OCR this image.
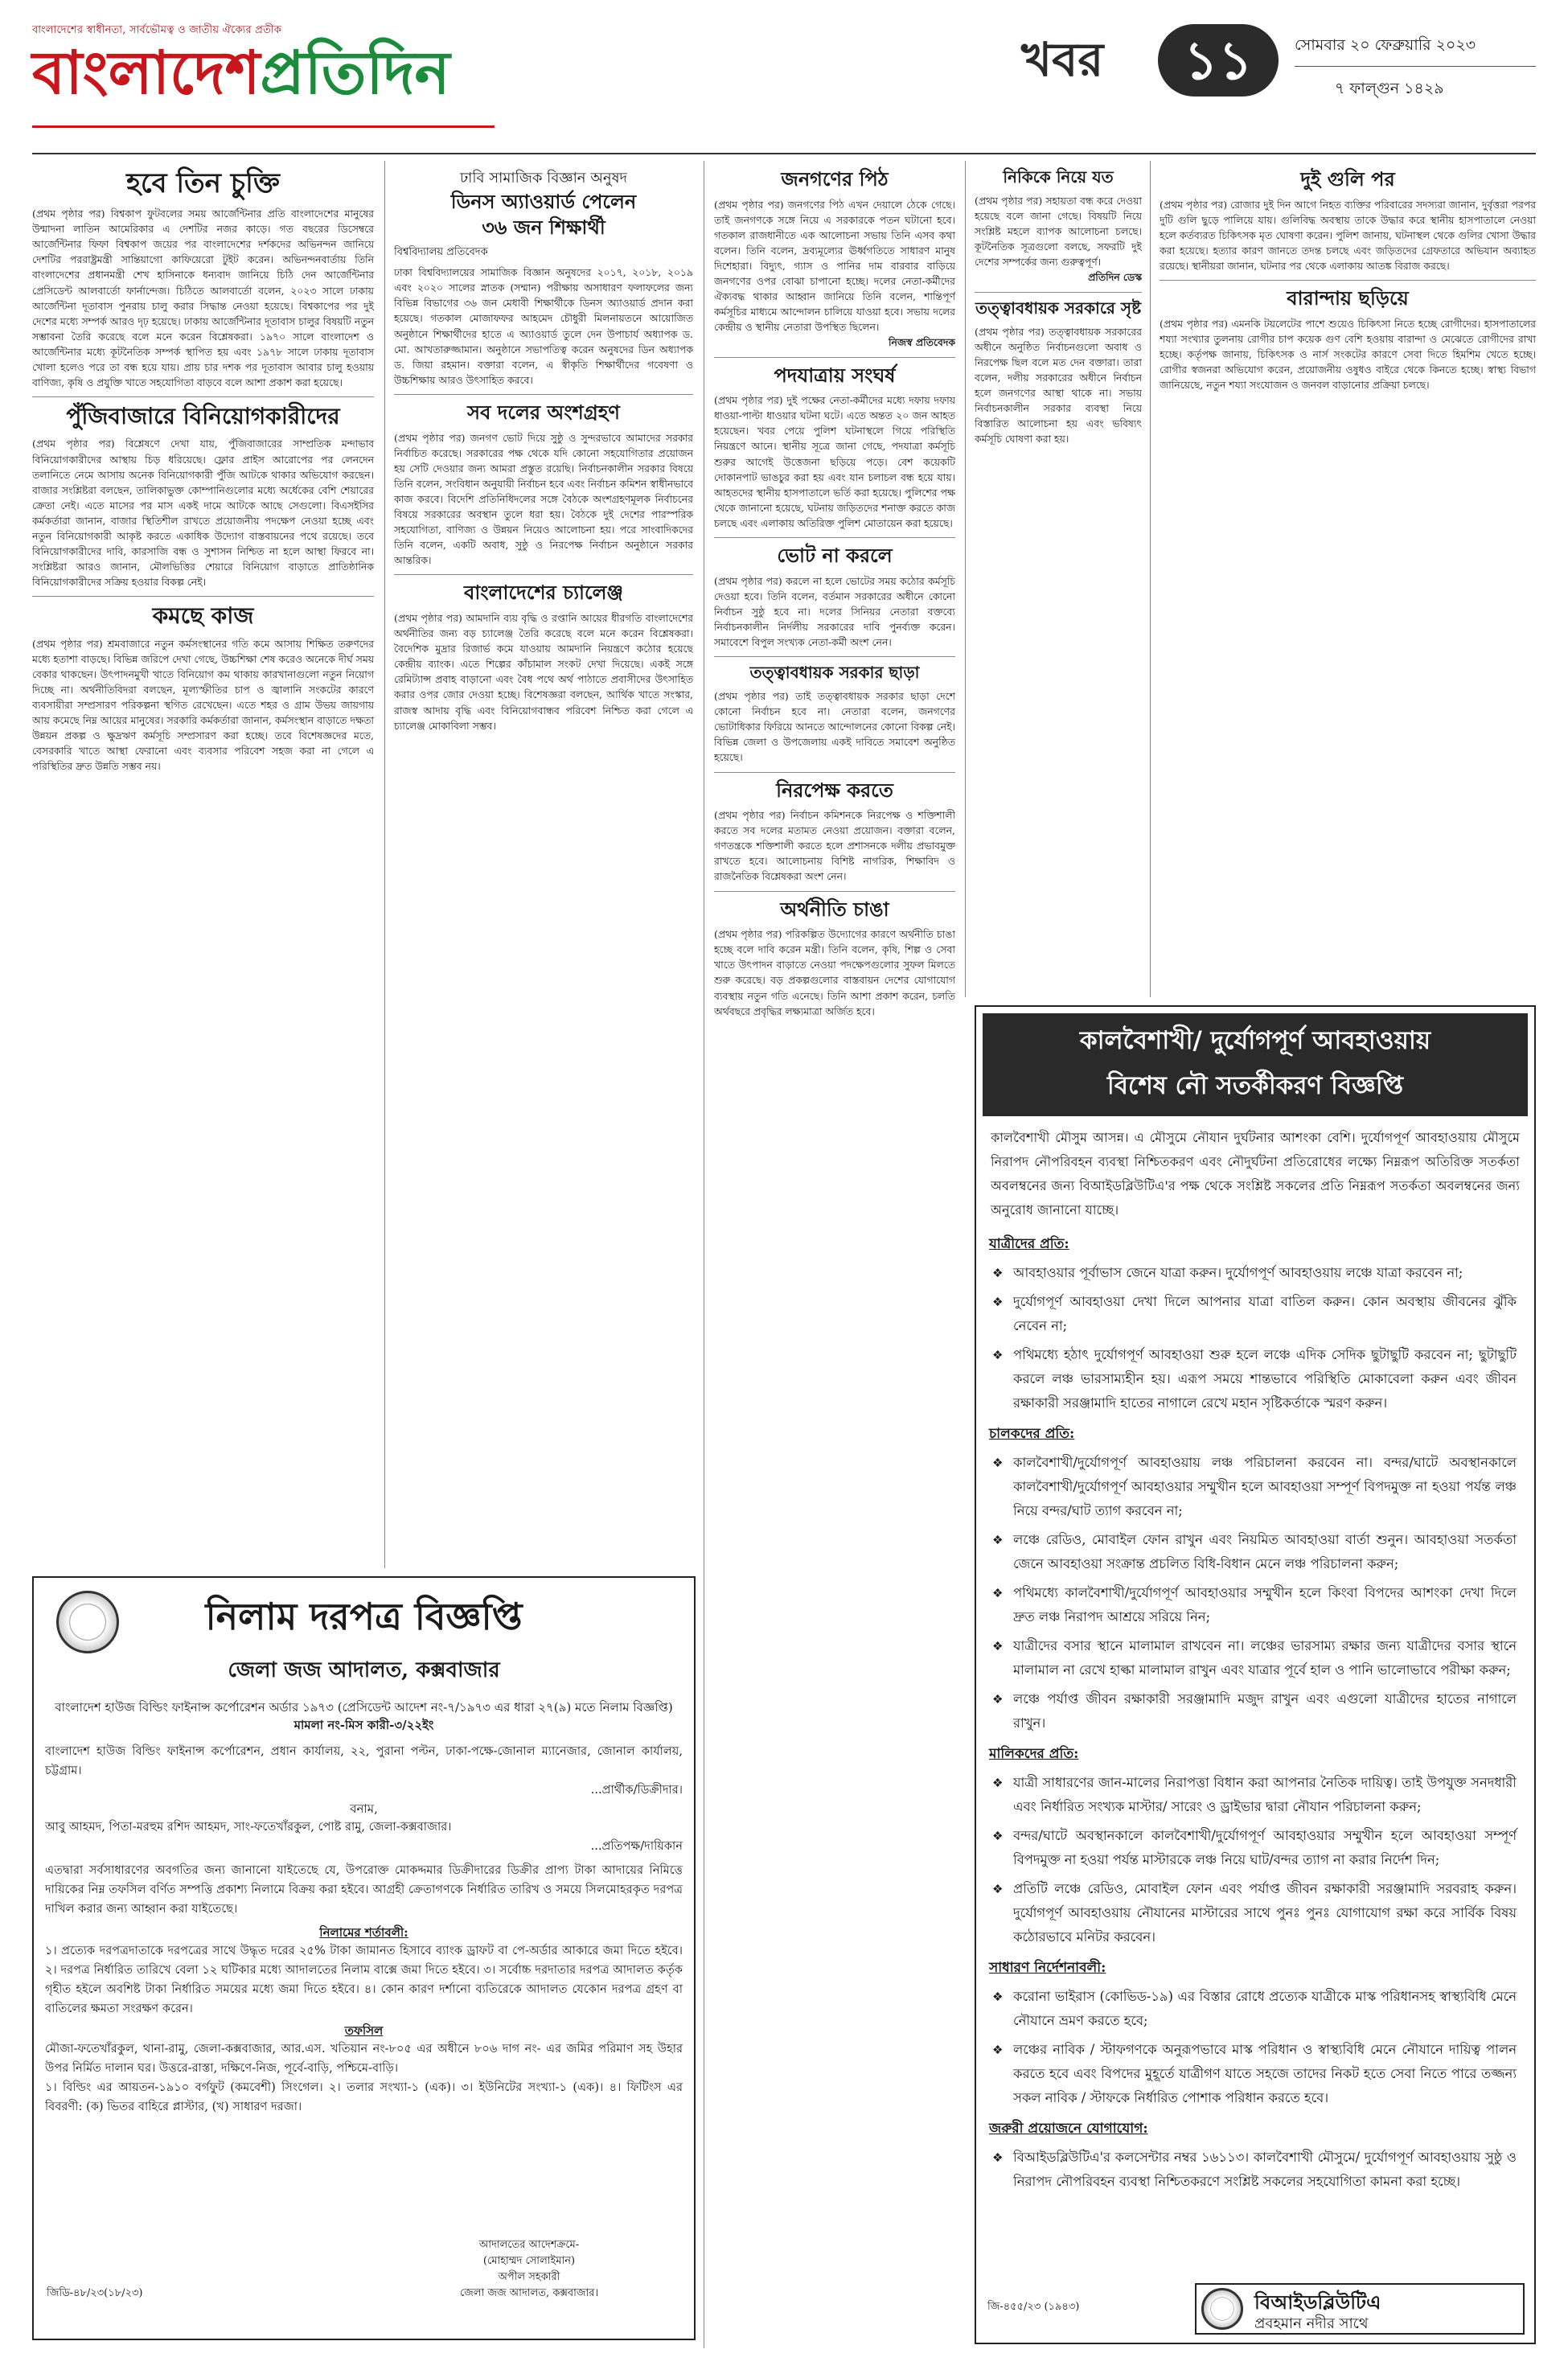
বাংলাদেশের স্বাধীনতা, সার্বভৌমত্ব ও জাতীয় ঐক্যের প্রতীক
বাংলাদেশপ্রতিদিন	খবর	১১	সোমবার ২০ ফেব্রুয়ারি ২০২৩
৭ ফাল্গুন ১৪২৯
হবে তিন চুক্তি

(প্রথম পৃষ্ঠার পর) বিশ্বকাপ ফুটবলের সময় আর্জেন্টিনার প্রতি বাংলাদেশের মানুষের উন্মাদনা লাতিন আমেরিকার এ দেশটির নজর কাড়ে। গত বছরের ডিসেম্বরে আর্জেন্টিনার ফিফা বিশ্বকাপ জয়ের পর বাংলাদেশের দর্শকদের অভিনন্দন জানিয়ে দেশটির পররাষ্ট্রমন্ত্রী সান্তিয়াগো কাফিয়েরো টুইট করেন। অভিনন্দনবার্তায় তিনি বাংলাদেশের প্রধানমন্ত্রী শেখ হাসিনাকে ধন্যবাদ জানিয়ে চিঠি দেন আর্জেন্টিনার প্রেসিডেন্ট আলবার্তো ফার্নান্দেজ। চিঠিতে আলবার্তো বলেন, ২০২৩ সালে ঢাকায় আর্জেন্টিনা দূতাবাস পুনরায় চালু করার সিদ্ধান্ত নেওয়া হয়েছে। বিশ্বকাপের পর দুই দেশের মধ্যে সম্পর্ক আরও দৃঢ় হয়েছে। ঢাকায় আর্জেন্টিনার দূতাবাস চালুর বিষয়টি নতুন সম্ভাবনা তৈরি করেছে বলে মনে করেন বিশ্লেষকরা। ১৯৭০ সালে বাংলাদেশ ও আর্জেন্টিনার মধ্যে কূটনৈতিক সম্পর্ক স্থাপিত হয় এবং ১৯৭৮ সালে ঢাকায় দূতাবাস খোলা হলেও পরে তা বন্ধ হয়ে যায়। প্রায় চার দশক পর দূতাবাস আবার চালু হওয়ায় বাণিজ্য, কৃষি ও প্রযুক্তি খাতে সহযোগিতা বাড়বে বলে আশা প্রকাশ করা হয়েছে।

পুঁজিবাজারে বিনিয়োগকারীদের

(প্রথম পৃষ্ঠার পর) বিশ্লেষণে দেখা যায়, পুঁজিবাজারের সাম্প্রতিক মন্দাভাব বিনিয়োগকারীদের আস্থায় চিড় ধরিয়েছে। ফ্লোর প্রাইস আরোপের পর লেনদেন তলানিতে নেমে আসায় অনেক বিনিয়োগকারী পুঁজি আটকে থাকার অভিযোগ করছেন। বাজার সংশ্লিষ্টরা বলছেন, তালিকাভুক্ত কোম্পানিগুলোর মধ্যে অর্ধেকের বেশি শেয়ারের ক্রেতা নেই। এতে মাসের পর মাস একই দামে আটকে আছে সেগুলো। বিএসইসির কর্মকর্তারা জানান, বাজার স্থিতিশীল রাখতে প্রয়োজনীয় পদক্ষেপ নেওয়া হচ্ছে এবং নতুন বিনিয়োগকারী আকৃষ্ট করতে একাধিক উদ্যোগ বাস্তবায়নের পথে রয়েছে। তবে বিনিয়োগকারীদের দাবি, কারসাজি বন্ধ ও সুশাসন নিশ্চিত না হলে আস্থা ফিরবে না। সংশ্লিষ্টরা আরও জানান, মৌলভিত্তির শেয়ারে বিনিয়োগ বাড়াতে প্রাতিষ্ঠানিক বিনিয়োগকারীদের সক্রিয় হওয়ার বিকল্প নেই।

কমছে কাজ

(প্রথম পৃষ্ঠার পর) শ্রমবাজারে নতুন কর্মসংস্থানের গতি কমে আসায় শিক্ষিত তরুণদের মধ্যে হতাশা বাড়ছে। বিভিন্ন জরিপে দেখা গেছে, উচ্চশিক্ষা শেষ করেও অনেকে দীর্ঘ সময় বেকার থাকছেন। উৎপাদনমুখী খাতে বিনিয়োগ কম থাকায় কারখানাগুলো নতুন নিয়োগ দিচ্ছে না। অর্থনীতিবিদরা বলছেন, মূল্যস্ফীতির চাপ ও জ্বালানি সংকটের কারণে ব্যবসায়ীরা সম্প্রসারণ পরিকল্পনা স্থগিত রেখেছেন। এতে শহর ও গ্রাম উভয় জায়গায় আয় কমেছে নিম্ন আয়ের মানুষের। সরকারি কর্মকর্তারা জানান, কর্মসংস্থান বাড়াতে দক্ষতা উন্নয়ন প্রকল্প ও ক্ষুদ্রঋণ কর্মসূচি সম্প্রসারণ করা হচ্ছে। তবে বিশেষজ্ঞদের মতে, বেসরকারি খাতে আস্থা ফেরানো এবং ব্যবসার পরিবেশ সহজ করা না গেলে এ পরিস্থিতির দ্রুত উন্নতি সম্ভব নয়।

ঢাবি সামাজিক বিজ্ঞান অনুষদ
ডিনস অ্যাওয়ার্ড পেলেন
৩৬ জন শিক্ষার্থী
বিশ্ববিদ্যালয় প্রতিবেদক

ঢাকা বিশ্ববিদ্যালয়ের সামাজিক বিজ্ঞান অনুষদের ২০১৭, ২০১৮, ২০১৯ এবং ২০২০ সালের স্নাতক (সম্মান) পরীক্ষায় অসাধারণ ফলাফলের জন্য বিভিন্ন বিভাগের ৩৬ জন মেধাবী শিক্ষার্থীকে ডিনস অ্যাওয়ার্ড প্রদান করা হয়েছে। গতকাল মোজাফফর আহমেদ চৌধুরী মিলনায়তনে আয়োজিত অনুষ্ঠানে শিক্ষার্থীদের হাতে এ অ্যাওয়ার্ড তুলে দেন উপাচার্য অধ্যাপক ড. মো. আখতারুজ্জামান। অনুষ্ঠানে সভাপতিত্ব করেন অনুষদের ডিন অধ্যাপক ড. জিয়া রহমান। বক্তারা বলেন, এ স্বীকৃতি শিক্ষার্থীদের গবেষণা ও উচ্চশিক্ষায় আরও উৎসাহিত করবে।

সব দলের অংশগ্রহণ

(প্রথম পৃষ্ঠার পর) জনগণ ভোট দিয়ে সুষ্ঠু ও সুন্দরভাবে আমাদের সরকার নির্বাচিত করেছে। সরকারের পক্ষ থেকে যদি কোনো সহযোগিতার প্রয়োজন হয় সেটি দেওয়ার জন্য আমরা প্রস্তুত রয়েছি। নির্বাচনকালীন সরকার বিষয়ে তিনি বলেন, সংবিধান অনুযায়ী নির্বাচন হবে এবং নির্বাচন কমিশন স্বাধীনভাবে কাজ করবে। বিদেশি প্রতিনিধিদলের সঙ্গে বৈঠকে অংশগ্রহণমূলক নির্বাচনের বিষয়ে সরকারের অবস্থান তুলে ধরা হয়। বৈঠকে দুই দেশের পারস্পরিক সহযোগিতা, বাণিজ্য ও উন্নয়ন নিয়েও আলোচনা হয়। পরে সাংবাদিকদের তিনি বলেন, একটি অবাধ, সুষ্ঠু ও নিরপেক্ষ নির্বাচন অনুষ্ঠানে সরকার আন্তরিক।

বাংলাদেশের চ্যালেঞ্জ

(প্রথম পৃষ্ঠার পর) আমদানি ব্যয় বৃদ্ধি ও রপ্তানি আয়ের ধীরগতি বাংলাদেশের অর্থনীতির জন্য বড় চ্যালেঞ্জ তৈরি করেছে বলে মনে করেন বিশ্লেষকরা। বৈদেশিক মুদ্রার রিজার্ভ কমে যাওয়ায় আমদানি নিয়ন্ত্রণে কঠোর হয়েছে কেন্দ্রীয় ব্যাংক। এতে শিল্পের কাঁচামাল সংকট দেখা দিয়েছে। একই সঙ্গে রেমিট্যান্স প্রবাহ বাড়ানো এবং বৈধ পথে অর্থ পাঠাতে প্রবাসীদের উৎসাহিত করার ওপর জোর দেওয়া হচ্ছে। বিশেষজ্ঞরা বলছেন, আর্থিক খাতে সংস্কার, রাজস্ব আদায় বৃদ্ধি এবং বিনিয়োগবান্ধব পরিবেশ নিশ্চিত করা গেলে এ চ্যালেঞ্জ মোকাবিলা সম্ভব।

জনগণের পিঠ

(প্রথম পৃষ্ঠার পর) জনগণের পিঠ এখন দেয়ালে ঠেকে গেছে। তাই জনগণকে সঙ্গে নিয়ে এ সরকারকে পতন ঘটানো হবে। গতকাল রাজধানীতে এক আলোচনা সভায় তিনি এসব কথা বলেন। তিনি বলেন, দ্রব্যমূল্যের ঊর্ধ্বগতিতে সাধারণ মানুষ দিশেহারা। বিদ্যুৎ, গ্যাস ও পানির দাম বারবার বাড়িয়ে জনগণের ওপর বোঝা চাপানো হচ্ছে। দলের নেতা-কর্মীদের ঐক্যবদ্ধ থাকার আহ্বান জানিয়ে তিনি বলেন, শান্তিপূর্ণ কর্মসূচির মাধ্যমে আন্দোলন চালিয়ে যাওয়া হবে। সভায় দলের কেন্দ্রীয় ও স্থানীয় নেতারা উপস্থিত ছিলেন।

নিজস্ব প্রতিবেদক

পদযাত্রায় সংঘর্ষ

(প্রথম পৃষ্ঠার পর) দুই পক্ষের নেতা-কর্মীদের মধ্যে দফায় দফায় ধাওয়া-পাল্টা ধাওয়ার ঘটনা ঘটে। এতে অন্তত ২০ জন আহত হয়েছেন। খবর পেয়ে পুলিশ ঘটনাস্থলে গিয়ে পরিস্থিতি নিয়ন্ত্রণে আনে। স্থানীয় সূত্রে জানা গেছে, পদযাত্রা কর্মসূচি শুরুর আগেই উত্তেজনা ছড়িয়ে পড়ে। বেশ কয়েকটি দোকানপাট ভাঙচুর করা হয় এবং যান চলাচল বন্ধ হয়ে যায়। আহতদের স্থানীয় হাসপাতালে ভর্তি করা হয়েছে। পুলিশের পক্ষ থেকে জানানো হয়েছে, ঘটনায় জড়িতদের শনাক্ত করতে কাজ চলছে এবং এলাকায় অতিরিক্ত পুলিশ মোতায়েন করা হয়েছে।

ভোট না করলে

(প্রথম পৃষ্ঠার পর) করলে না হলে ভোটের সময় কঠোর কর্মসূচি দেওয়া হবে। তিনি বলেন, বর্তমান সরকারের অধীনে কোনো নির্বাচন সুষ্ঠু হবে না। দলের সিনিয়র নেতারা বক্তব্যে নির্বাচনকালীন নির্দলীয় সরকারের দাবি পুনর্ব্যক্ত করেন। সমাবেশে বিপুল সংখ্যক নেতা-কর্মী অংশ নেন।

তত্ত্বাবধায়ক সরকার ছাড়া

(প্রথম পৃষ্ঠার পর) তাই তত্ত্বাবধায়ক সরকার ছাড়া দেশে কোনো নির্বাচন হবে না। নেতারা বলেন, জনগণের ভোটাধিকার ফিরিয়ে আনতে আন্দোলনের কোনো বিকল্প নেই। বিভিন্ন জেলা ও উপজেলায় একই দাবিতে সমাবেশ অনুষ্ঠিত হয়েছে।

নিরপেক্ষ করতে

(প্রথম পৃষ্ঠার পর) নির্বাচন কমিশনকে নিরপেক্ষ ও শক্তিশালী করতে সব দলের মতামত নেওয়া প্রয়োজন। বক্তারা বলেন, গণতন্ত্রকে শক্তিশালী করতে হলে প্রশাসনকে দলীয় প্রভাবমুক্ত রাখতে হবে। আলোচনায় বিশিষ্ট নাগরিক, শিক্ষাবিদ ও রাজনৈতিক বিশ্লেষকরা অংশ নেন।

অর্থনীতি চাঙা

(প্রথম পৃষ্ঠার পর) পরিকল্পিত উদ্যোগের কারণে অর্থনীতি চাঙা হচ্ছে বলে দাবি করেন মন্ত্রী। তিনি বলেন, কৃষি, শিল্প ও সেবা খাতে উৎপাদন বাড়াতে নেওয়া পদক্ষেপগুলোর সুফল মিলতে শুরু করেছে। বড় প্রকল্পগুলোর বাস্তবায়ন দেশের যোগাযোগ ব্যবস্থায় নতুন গতি এনেছে। তিনি আশা প্রকাশ করেন, চলতি অর্থবছরে প্রবৃদ্ধির লক্ষ্যমাত্রা অর্জিত হবে।

নিকিকে নিয়ে যত

(প্রথম পৃষ্ঠার পর) সহায়তা বন্ধ করে দেওয়া হয়েছে বলে জানা গেছে। বিষয়টি নিয়ে সংশ্লিষ্ট মহলে ব্যাপক আলোচনা চলছে। কূটনৈতিক সূত্রগুলো বলছে, সফরটি দুই দেশের সম্পর্কের জন্য গুরুত্বপূর্ণ।

প্রতিদিন ডেস্ক

তত্ত্বাবধায়ক সরকারে সৃষ্ট

(প্রথম পৃষ্ঠার পর) তত্ত্বাবধায়ক সরকারের অধীনে অনুষ্ঠিত নির্বাচনগুলো অবাধ ও নিরপেক্ষ ছিল বলে মত দেন বক্তারা। তারা বলেন, দলীয় সরকারের অধীনে নির্বাচন হলে জনগণের আস্থা থাকে না। সভায় নির্বাচনকালীন সরকার ব্যবস্থা নিয়ে বিস্তারিত আলোচনা হয় এবং ভবিষ্যৎ কর্মসূচি ঘোষণা করা হয়।

দুই গুলি পর

(প্রথম পৃষ্ঠার পর) রোজার দুই দিন আগে নিহত ব্যক্তির পরিবারের সদস্যরা জানান, দুর্বৃত্তরা পরপর দুটি গুলি ছুড়ে পালিয়ে যায়। গুলিবিদ্ধ অবস্থায় তাকে উদ্ধার করে স্থানীয় হাসপাতালে নেওয়া হলে কর্তব্যরত চিকিৎসক মৃত ঘোষণা করেন। পুলিশ জানায়, ঘটনাস্থল থেকে গুলির খোসা উদ্ধার করা হয়েছে। হত্যার কারণ জানতে তদন্ত চলছে এবং জড়িতদের গ্রেফতারে অভিযান অব্যাহত রয়েছে। স্থানীয়রা জানান, ঘটনার পর থেকে এলাকায় আতঙ্ক বিরাজ করছে।

বারান্দায় ছড়িয়ে

(প্রথম পৃষ্ঠার পর) এমনকি টয়লেটের পাশে শুয়েও চিকিৎসা নিতে হচ্ছে রোগীদের। হাসপাতালের শয্যা সংখ্যার তুলনায় রোগীর চাপ কয়েক গুণ বেশি হওয়ায় বারান্দা ও মেঝেতে রোগীদের রাখা হচ্ছে। কর্তৃপক্ষ জানায়, চিকিৎসক ও নার্স সংকটের কারণে সেবা দিতে হিমশিম খেতে হচ্ছে। রোগীর স্বজনরা অভিযোগ করেন, প্রয়োজনীয় ওষুধও বাইরে থেকে কিনতে হচ্ছে। স্বাস্থ্য বিভাগ জানিয়েছে, নতুন শয্যা সংযোজন ও জনবল বাড়ানোর প্রক্রিয়া চলছে।

নিলাম দরপত্র বিজ্ঞপ্তি
জেলা জজ আদালত, কক্সবাজার
বাংলাদেশ হাউজ বিল্ডিং ফাইনান্স কর্পোরেশন অর্ডার ১৯৭৩ (প্রেসিডেন্ট আদেশ নং-৭/১৯৭৩ এর ধারা ২৭(৯) মতে নিলাম বিজ্ঞপ্তি)
মামলা নং-মিস কারী-৩/২২ইং
বাংলাদেশ হাউজ বিল্ডিং ফাইনান্স কর্পোরেশন, প্রধান কার্যালয়, ২২, পুরানা পল্টন, ঢাকা-পক্ষে-জোনাল ম্যানেজার, জোনাল কার্যালয়, চট্টগ্রাম।
...প্রার্থীক/ডিক্রীদার।
বনাম,
আবু আহমদ, পিতা-মরহুম রশিদ আহমদ, সাং-ফতেখাঁরকুল, পোষ্ট রামু, জেলা-কক্সবাজার।
...প্রতিপক্ষ/দায়িকান
এতদ্বারা সর্বসাধারণের অবগতির জন্য জানানো যাইতেছে যে, উপরোক্ত মোকদ্দমার ডিক্রীদারের ডিক্রীর প্রাপ্য টাকা আদায়ের নিমিত্তে দায়িকের নিম্ন তফসিল বর্ণিত সম্পত্তি প্রকাশ্য নিলামে বিক্রয় করা হইবে। আগ্রহী ক্রেতাগণকে নির্ধারিত তারিখ ও সময়ে সিলমোহরকৃত দরপত্র দাখিল করার জন্য আহ্বান করা যাইতেছে।
নিলামের শর্তাবলী:
১। প্রত্যেক দরপত্রদাতাকে দরপত্রের সাথে উদ্ধৃত দরের ২৫% টাকা জামানত হিসাবে ব্যাংক ড্রাফট বা পে-অর্ডার আকারে জমা দিতে হইবে। ২। দরপত্র নির্ধারিত তারিখে বেলা ১২ ঘটিকার মধ্যে আদালতের নিলাম বাক্সে জমা দিতে হইবে। ৩। সর্বোচ্চ দরদাতার দরপত্র আদালত কর্তৃক গৃহীত হইলে অবশিষ্ট টাকা নির্ধারিত সময়ের মধ্যে জমা দিতে হইবে। ৪। কোন কারণ দর্শানো ব্যতিরেকে আদালত যেকোন দরপত্র গ্রহণ বা বাতিলের ক্ষমতা সংরক্ষণ করেন।
তফসিল
মৌজা-ফতেখাঁরকুল, থানা-রামু, জেলা-কক্সবাজার, আর.এস. খতিয়ান নং-৮০৫ এর অধীনে ৮০৬ দাগ নং- এর জমির পরিমাণ সহ উহার উপর নির্মিত দালান ঘর। উত্তরে-রাস্তা, দক্ষিণে-নিজ, পূর্বে-বাড়ি, পশ্চিমে-বাড়ি।
১। বিল্ডিং এর আয়তন-১৯১০ বর্গফুট (কমবেশী) সিংগেল। ২। তলার সংখ্যা-১ (এক)। ৩। ইউনিটের সংখ্যা-১ (এক)। ৪। ফিটিংস এর বিবরণী: (ক) ভিতর বাহিরে প্লাস্টার, (খ) সাধারণ দরজা।
আদালতের আদেশক্রমে-
(মোহাম্মদ সোলাইমান)
অপীল সহকারী
জেলা জজ আদালত, কক্সবাজার।
জিডি-৪৮/২৩(১৮/২৩)
কালবৈশাখী/ দুর্যোগপূর্ণ আবহাওয়ায়
বিশেষ নৌ সতর্কীকরণ বিজ্ঞপ্তি
কালবৈশাখী মৌসুম আসন্ন। এ মৌসুমে নৌযান দুর্ঘটনার আশংকা বেশি। দুর্যোগপূর্ণ আবহাওয়ায় মৌসুমে নিরাপদ নৌপরিবহন ব্যবস্থা নিশ্চিতকরণ এবং নৌদুর্ঘটনা প্রতিরোধের লক্ষ্যে নিম্নরূপ অতিরিক্ত সতর্কতা অবলম্বনের জন্য বিআইডব্লিউটিএ'র পক্ষ থেকে সংশ্লিষ্ট সকলের প্রতি নিম্নরূপ সতর্কতা অবলম্বনের জন্য অনুরোধ জানানো যাচ্ছে।
যাত্রীদের প্রতি:
❖ আবহাওয়ার পূর্বাভাস জেনে যাত্রা করুন। দুর্যোগপূর্ণ আবহাওয়ায় লঞ্চে যাত্রা করবেন না;
❖ দুর্যোগপূর্ণ আবহাওয়া দেখা দিলে আপনার যাত্রা বাতিল করুন। কোন অবস্থায় জীবনের ঝুঁকি নেবেন না;
❖ পথিমধ্যে হঠাৎ দুর্যোগপূর্ণ আবহাওয়া শুরু হলে লঞ্চে এদিক সেদিক ছুটাছুটি করবেন না; ছুটাছুটি করলে লঞ্চ ভারসাম্যহীন হয়। এরূপ সময়ে শান্তভাবে পরিস্থিতি মোকাবেলা করুন এবং জীবন রক্ষাকারী সরঞ্জামাদি হাতের নাগালে রেখে মহান সৃষ্টিকর্তাকে স্মরণ করুন।
চালকদের প্রতি:
❖ কালবৈশাখী/দুর্যোগপূর্ণ আবহাওয়ায় লঞ্চ পরিচালনা করবেন না। বন্দর/ঘাটে অবস্থানকালে কালবৈশাখী/দুর্যোগপূর্ণ আবহাওয়ার সম্মুখীন হলে আবহাওয়া সম্পূর্ণ বিপদমুক্ত না হওয়া পর্যন্ত লঞ্চ নিয়ে বন্দর/ঘাট ত্যাগ করবেন না;
❖ লঞ্চে রেডিও, মোবাইল ফোন রাখুন এবং নিয়মিত আবহাওয়া বার্তা শুনুন। আবহাওয়া সতর্কতা জেনে আবহাওয়া সংক্রান্ত প্রচলিত বিধি-বিধান মেনে লঞ্চ পরিচালনা করুন;
❖ পথিমধ্যে কালবৈশাখী/দুর্যোগপূর্ণ আবহাওয়ার সম্মুখীন হলে কিংবা বিপদের আশংকা দেখা দিলে দ্রুত লঞ্চ নিরাপদ আশ্রয়ে সরিয়ে নিন;
❖ যাত্রীদের বসার স্থানে মালামাল রাখবেন না। লঞ্চের ভারসাম্য রক্ষার জন্য যাত্রীদের বসার স্থানে মালামাল না রেখে হাল্কা মালামাল রাখুন এবং যাত্রার পূর্বে হাল ও পানি ভালোভাবে পরীক্ষা করুন;
❖ লঞ্চে পর্যাপ্ত জীবন রক্ষাকারী সরঞ্জামাদি মজুদ রাখুন এবং এগুলো যাত্রীদের হাতের নাগালে রাখুন।
মালিকদের প্রতি:
❖ যাত্রী সাধারণের জান-মালের নিরাপত্তা বিধান করা আপনার নৈতিক দায়িত্ব। তাই উপযুক্ত সনদধারী এবং নির্ধারিত সংখ্যক মাস্টার/ সারেং ও ড্রাইভার দ্বারা নৌযান পরিচালনা করুন;
❖ বন্দর/ঘাটে অবস্থানকালে কালবৈশাখী/দুর্যোগপূর্ণ আবহাওয়ার সম্মুখীন হলে আবহাওয়া সম্পূর্ণ বিপদমুক্ত না হওয়া পর্যন্ত মাস্টারকে লঞ্চ নিয়ে ঘাট/বন্দর ত্যাগ না করার নির্দেশ দিন;
❖ প্রতিটি লঞ্চে রেডিও, মোবাইল ফোন এবং পর্যাপ্ত জীবন রক্ষাকারী সরঞ্জামাদি সরবরাহ করুন। দুর্যোগপূর্ণ আবহাওয়ায় নৌযানের মাস্টারের সাথে পুনঃ পুনঃ যোগাযোগ রক্ষা করে সার্বিক বিষয় কঠোরভাবে মনিটর করবেন।
সাধারণ নির্দেশনাবলী:
❖ করোনা ভাইরাস (কোভিড-১৯) এর বিস্তার রোধে প্রত্যেক যাত্রীকে মাস্ক পরিধানসহ স্বাস্থ্যবিধি মেনে নৌযানে ভ্রমণ করতে হবে;
❖ লঞ্চের নাবিক / স্টাফগণকে অনুরূপভাবে মাস্ক পরিধান ও স্বাস্থ্যবিধি মেনে নৌযানে দায়িত্ব পালন করতে হবে এবং বিপদের মুহূর্তে যাত্রীগণ যাতে সহজে তাদের নিকট হতে সেবা নিতে পারে তজ্জন্য সকল নাবিক / স্টাফকে নির্ধারিত পোশাক পরিধান করতে হবে।
জরুরী প্রয়োজনে যোগাযোগ:
❖ বিআইডব্লিউটিএ'র কলসেন্টার নম্বর ১৬১১৩। কালবৈশাখী মৌসুমে/ দুর্যোগপূর্ণ আবহাওয়ায় সুষ্ঠু ও নিরাপদ নৌপরিবহন ব্যবস্থা নিশ্চিতকরণে সংশ্লিষ্ট সকলের সহযোগিতা কামনা করা হচ্ছে।
জি-৪৫৫/২৩ (১৯৪৩)	বিআইডব্লিউটিএ
প্রবহমান নদীর সাথে
